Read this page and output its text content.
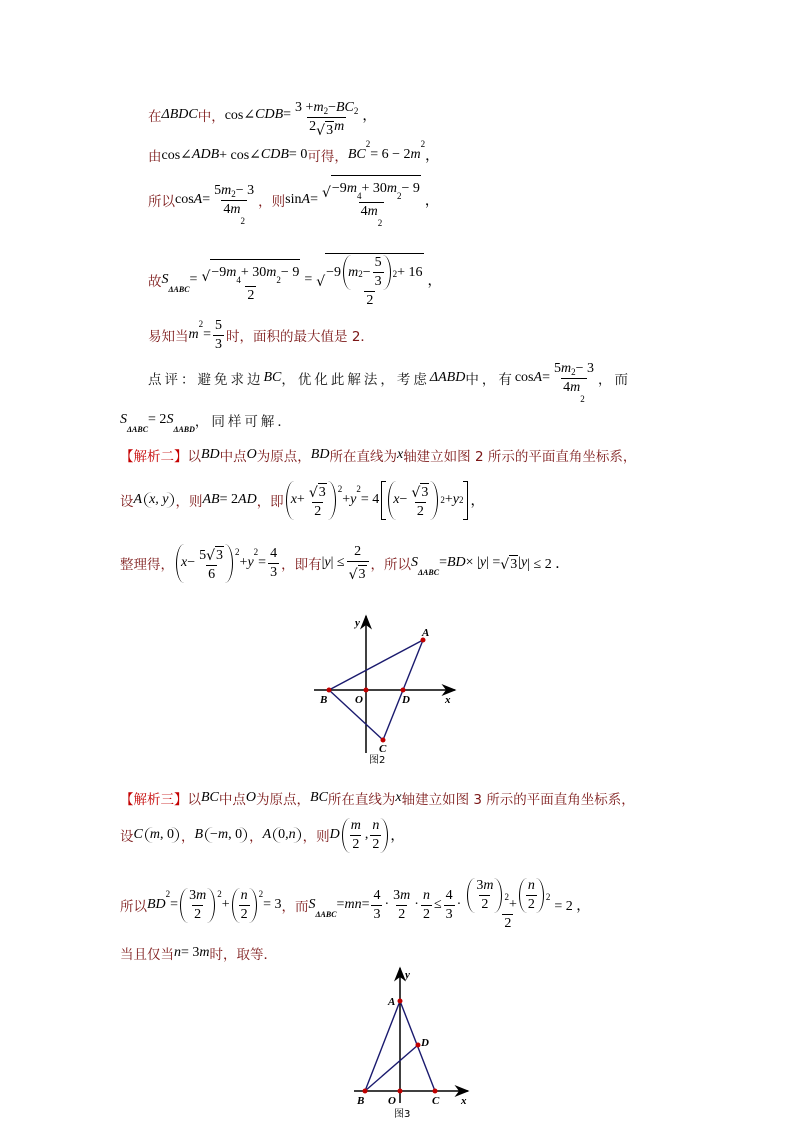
在 ΔBDC 中， cos∠ CDB = $\frac{3 + m 2 - BC 2}{2 √ 3 m}$ ，
由 cos∠ ADB + cos∠ CDB = 0 可得， BC
2
= 6 − 2 m
2
，
所以 cos A = 5 m 2 − 3
4 m
2 ，则 sin A = √ −9 m 4 + 30 m 2 − 9
4 m
2 ，
故 S
ΔABC
= $\frac{√ -9 m 4 + 30 m 2 - 9}{2}$ = √
−9 m $2 - \frac{5}{3} 2 + 16$
2 ，
易知当 m
2
= $\frac{5}{3}$ 时，面积的最大值是 2．
点评：避免求边 BC ，优化此解法，考虑 ΔABD 中，有 cos A = 5 m 2 − 3
4 m
2 ，而
S
ΔABC
= 2 S
ΔABD ，同样可解．
【解析二】 以 BD 中点 O 为原点， BD 所在直线为 x 轴建立如图 2 所示的平面直角坐标系，
设 A x, y ，则 AB = 2 AD ，即 $x + \frac{√ 3}{2} 2$
+ y
2
= 4 $x - \frac{√ 3}{2} 2 + y$ 2 ，
整理得， $x - \frac{5 √ 3}{6} 2$
+ y
2
= $\frac{4}{3}$ ，即有 | y | ≤ $\frac{2}{√ 3}$ ，所以 S
ΔABC
= BD × | y | = √ 3 | y | ≤ 2 ．
【解析三】 以 BC 中点 O 为原点， BC 所在直线为 x 轴建立如图 3 所示的平面直角坐标系，
设 C m , 0 ， B − m , 0 ， A 0, n ，则 D $\frac{m}{2}$ , $\frac{n}{2}$ ，
所以 BD
2
= $\frac{3 m}{2} 2$
+ $\frac{n}{2} 2$
= 3 ，而 S
ΔABC
= mn = $\frac{4}{3} \cdot \frac{3 m}{2} \cdot \frac{n}{2} \le \frac{4}{3} \cdot \frac{\frac{3 m}{2} 2 + \frac{n}{2} 2}{2} = 2$ ，
当且仅当 n = 3 m 时，取等．
A
B	O	D	x
y
C
图2
A
D
B O	C x
y
图3
